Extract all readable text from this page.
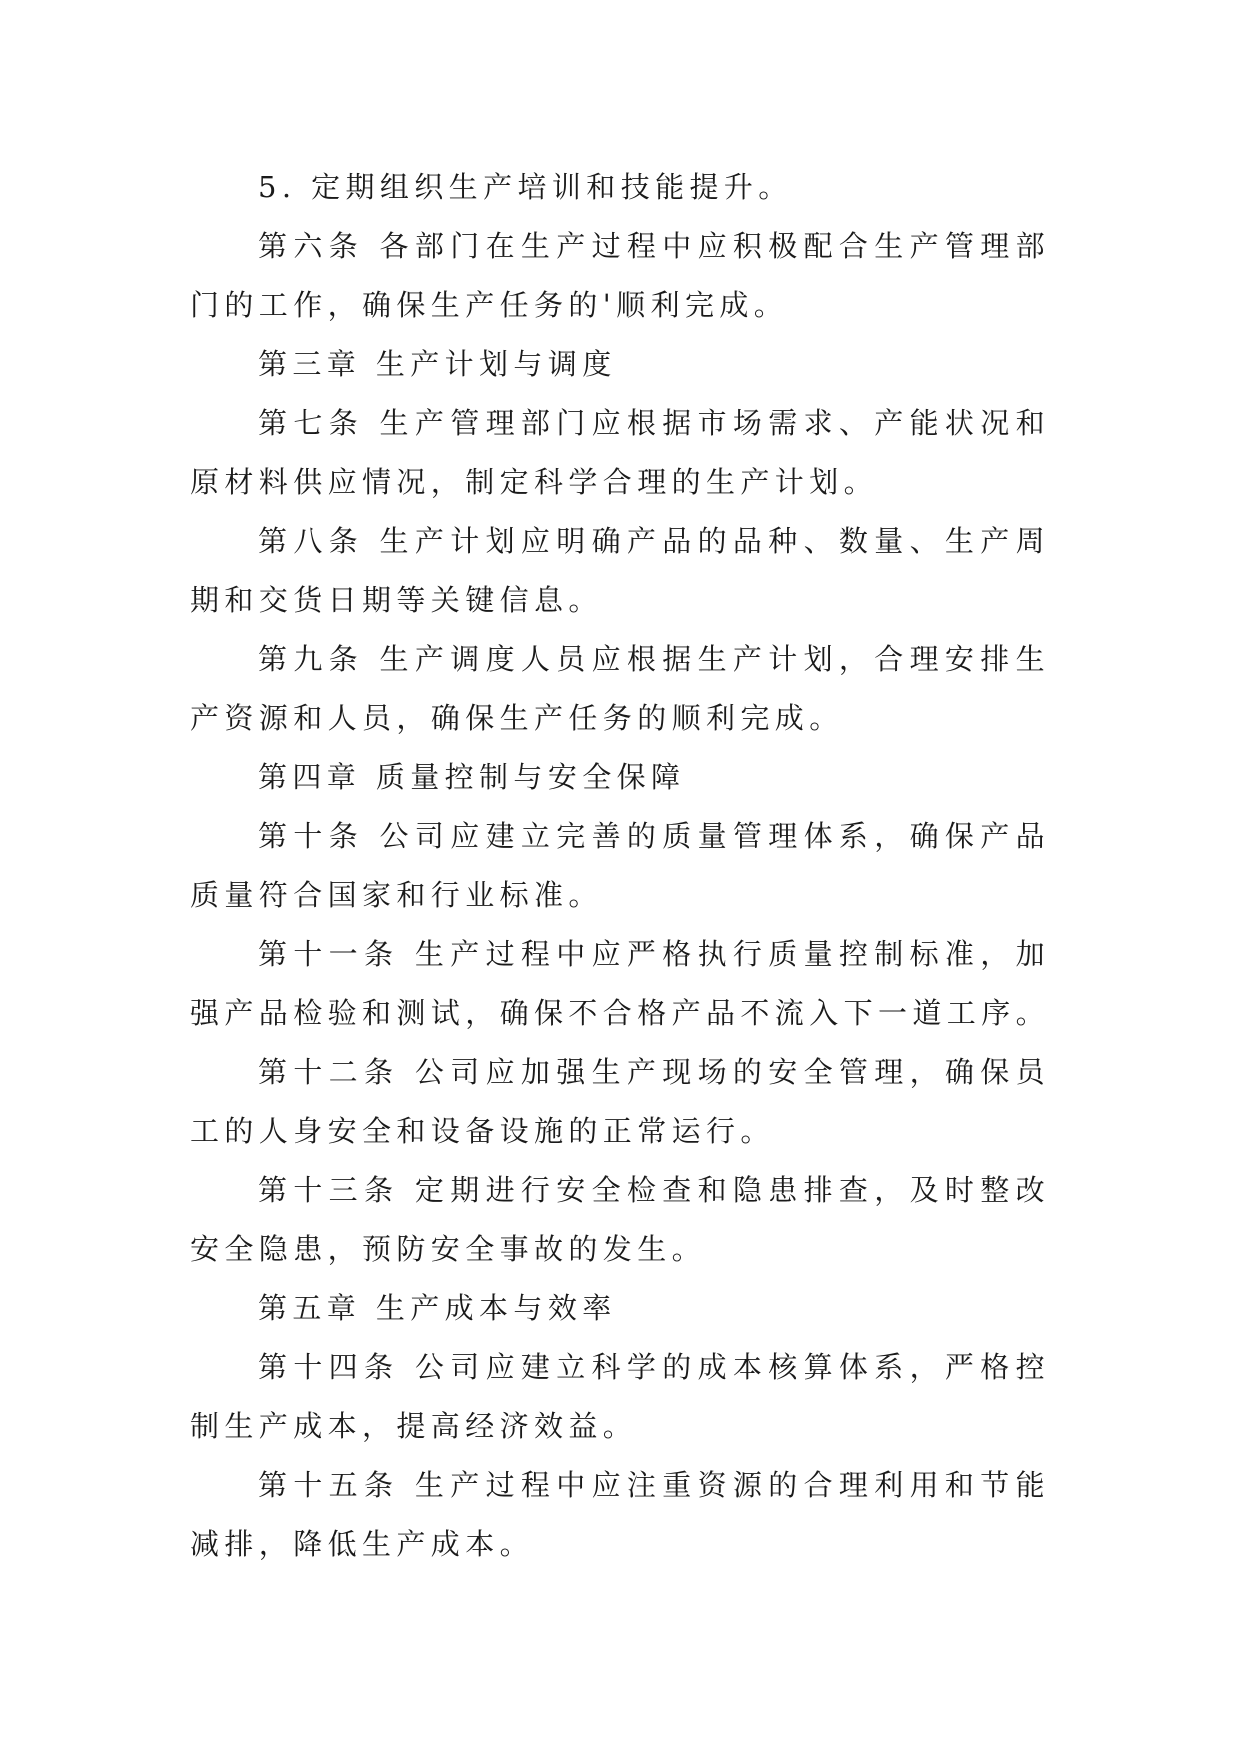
5. 定期组织生产培训和技能提升。

第六条 各部门在生产过程中应积极配合生产管理部门的工作，确保生产任务的'顺利完成。

第三章 生产计划与调度

第七条 生产管理部门应根据市场需求、产能状况和原材料供应情况，制定科学合理的生产计划。

第八条 生产计划应明确产品的品种、数量、生产周期和交货日期等关键信息。

第九条 生产调度人员应根据生产计划，合理安排生产资源和人员，确保生产任务的顺利完成。

第四章 质量控制与安全保障

第十条 公司应建立完善的质量管理体系，确保产品质量符合国家和行业标准。

第十一条 生产过程中应严格执行质量控制标准，加强产品检验和测试，确保不合格产品不流入下一道工序。

第十二条 公司应加强生产现场的安全管理，确保员工的人身安全和设备设施的正常运行。

第十三条 定期进行安全检查和隐患排查，及时整改安全隐患，预防安全事故的发生。

第五章 生产成本与效率

第十四条 公司应建立科学的成本核算体系，严格控制生产成本，提高经济效益。

第十五条 生产过程中应注重资源的合理利用和节能减排，降低生产成本。
